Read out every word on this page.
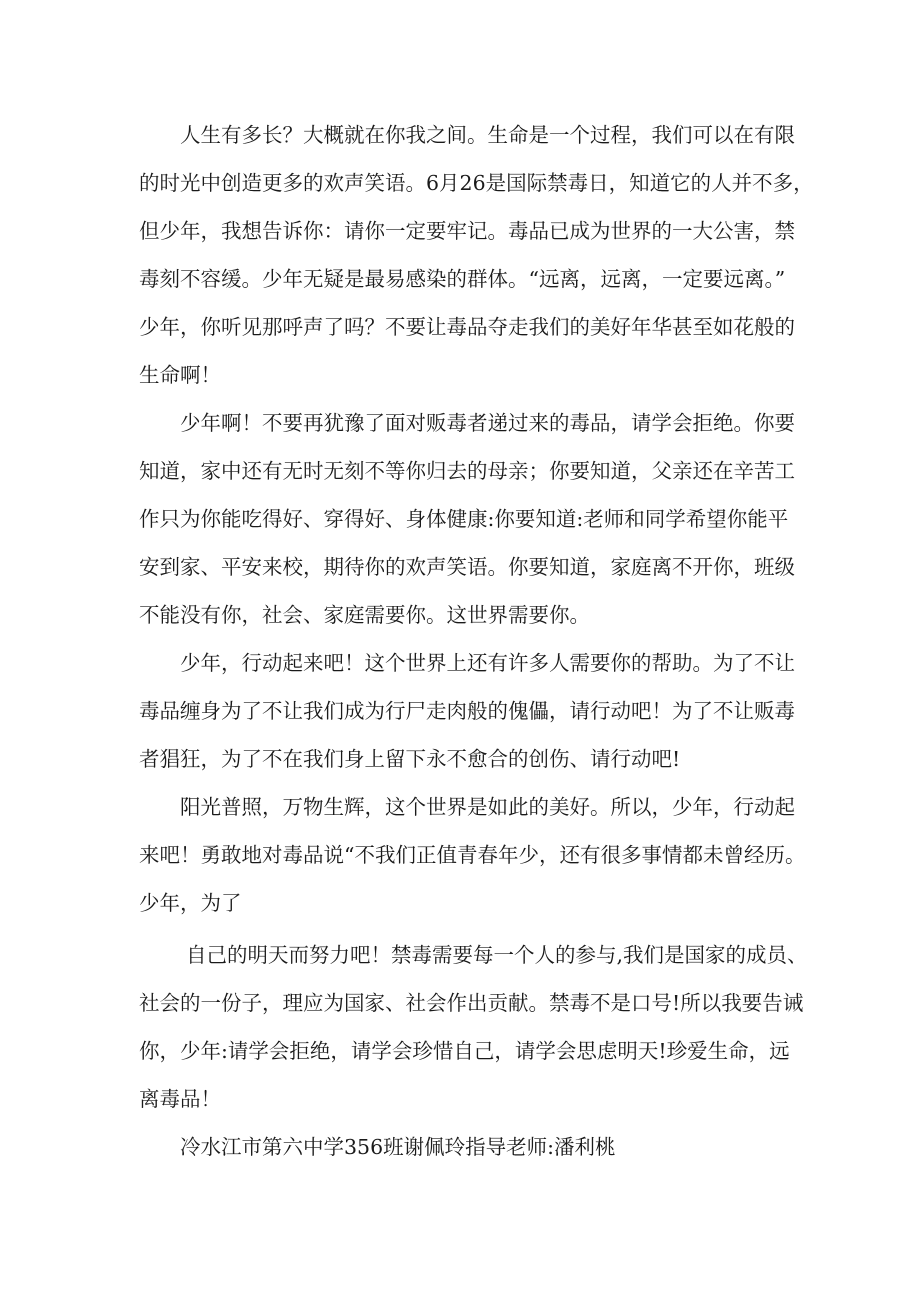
人生有多长？大概就在你我之间。生命是一个过程，我们可以在有限
的时光中创造更多的欢声笑语。6月26是国际禁毒日，知道它的人并不多，
但少年，我想告诉你：请你一定要牢记。毒品已成为世界的一大公害，禁
毒刻不容缓。少年无疑是最易感染的群体。“远离，远离，一定要远离。”
少年，你听见那呼声了吗？不要让毒品夺走我们的美好年华甚至如花般的
生命啊！
少年啊！不要再犹豫了面对贩毒者递过来的毒品，请学会拒绝。你要
知道，家中还有无时无刻不等你归去的母亲；你要知道，父亲还在辛苦工
作只为你能吃得好、穿得好、身体健康:你要知道:老师和同学希望你能平
安到家、平安来校，期待你的欢声笑语。你要知道，家庭离不开你，班级
不能没有你，社会、家庭需要你。这世界需要你。
少年，行动起来吧！这个世界上还有许多人需要你的帮助。为了不让
毒品缠身为了不让我们成为行尸走肉般的傀儡，请行动吧！为了不让贩毒
者猖狂，为了不在我们身上留下永不愈合的创伤、请行动吧!
阳光普照，万物生辉，这个世界是如此的美好。所以，少年，行动起
来吧！勇敢地对毒品说“不我们正值青春年少，还有很多事情都未曾经历。
少年，为了
自己的明天而努力吧！禁毒需要每一个人的参与,我们是国家的成员、
社会的一份子，理应为国家、社会作出贡献。禁毒不是口号!所以我要告诫
你，少年:请学会拒绝，请学会珍惜自己，请学会思虑明天!珍爱生命，远
离毒品！
冷水江市第六中学356班谢佩玲指导老师:潘利桃
